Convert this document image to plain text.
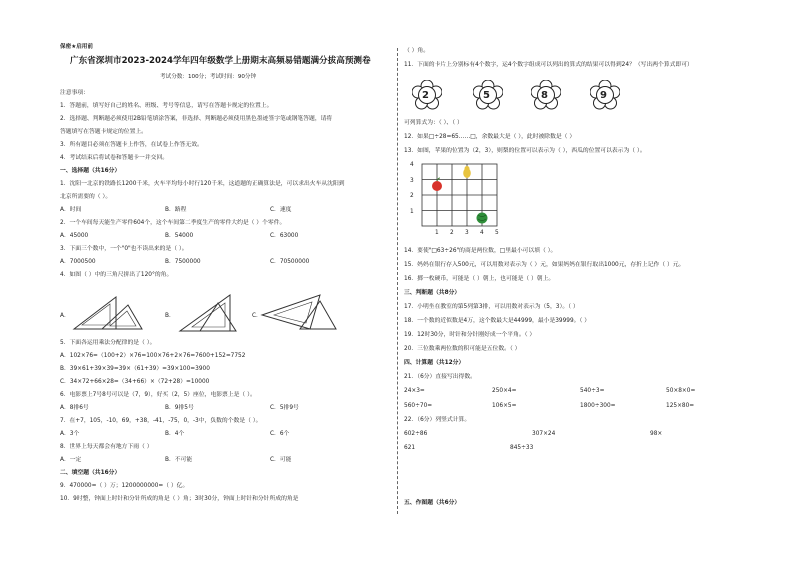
保密★启用前
广东省深圳市2023-2024学年四年级数学上册期末高频易错题满分拔高预测卷
考试分数：100分；考试时间：90分钟
注意事项：
1．答题前，填写好自己的姓名、班级、考号等信息，请写在答题卡规定的位置上。
2．选择题、判断题必须使用2B铅笔填涂答案，非选择、判断题必须使用黑色墨迹签字笔或钢笔答题，请将
答题填写在答题卡规定的位置上。
3．所有题目必须在答题卡上作答，在试卷上作答无效。
4．考试结束后将试卷和答题卡一并交回。
一、选择题（共16分）
1．沈阳一北京的铁路长1200千米，火车平均每小时行120千米，这道题的正确算法是，可以求出火车从沈阳到
北京所需要的（ ）。
A．时间	B．路程	C．速度
2．一个车间每天能生产零件604个，这个车间第二季度生产的零件大约是（ ）个零件。
A．45000	B．54000	C．63000
3．下面三个数中，一个"0"也不读出来的是（ ）。
A．7000500	B．7500000	C．70500000
4．如图（ ）中的三角尺拼出了120°的角。
A．	B．	C．
5．下面各运用乘法分配律的是（ ）。
A．102×76=（100+2）×76=100×76+2×76=7600+152=7752
B．39×61+39×39=39×（61+39）=39×100=3900
C．34×72+66×28=（34+66）×（72+28）=10000
6．电影票上7号8号可以是（7，9），好买（2，5）座位，电影票上是（ ）。
A．8排6号	B．9排5号	C．5排9号
7．在+7，105，-10，69，+38，-41，-75，0，-3中，负数的个数是（ ）。
A．3个	B．4个	C．6个
8．世界上每天都会有地方下雨（ ）
A．一定	B．不可能	C．可能
二、填空题（共16分）
9．470000=（ ）万；1200000000=（ ）亿。
10．9时整，钟面上时针和分针所成的角是（ ）角；3时30分，钟面上时针和分针所成的角是
（ ）角。
11．下面的卡片上分别标有4个数字，运4个数字组成可以列出的算式的结果可以得到24？（写出两个算式即可）
2	5	8	9
可列算式为：（ ）、（ ）
12．如果□÷28=65……□，余数最大是（ ），此时被除数是（ ）
13．如图，苹果的位置为（2，3），则梨的位置可以表示为（ ），西瓜的位置可以表示为（ ）。
4
3
2
1
1 2 3 4 5
14．要使"□63÷26"的商是两位数，□里最小可以填（ ）。
15．妈妈在银行存入500元，可以用数对表示为（ ）元，如果妈妈在银行取出1000元，存折上记作（ ）元。
16．掷一枚硬币，可能是（ ）朝上，也可能是（ ）朝上。
三、判断题（共8分）
17．小明坐在教室的第5列第3排，可以用数对表示为（5，3）。（ ）
18．一个数的近似数是4万，这个数最大是44999，最小是39999。（ ）
19．12时30分，时针和分针刚好成一个平角。（ ）
20．三位数乘两位数的积可能是五位数。（ ）
四、计算题（共12分）
21．（6分）直接写出得数。
24×3=	250×4=	540÷3=	50×8×0=
560÷70=	106×5=	1800÷300=	125×80=
22．（6分）列竖式计算。
602÷86	307×24	98×
621	845÷33
五、作图题（共6分）
